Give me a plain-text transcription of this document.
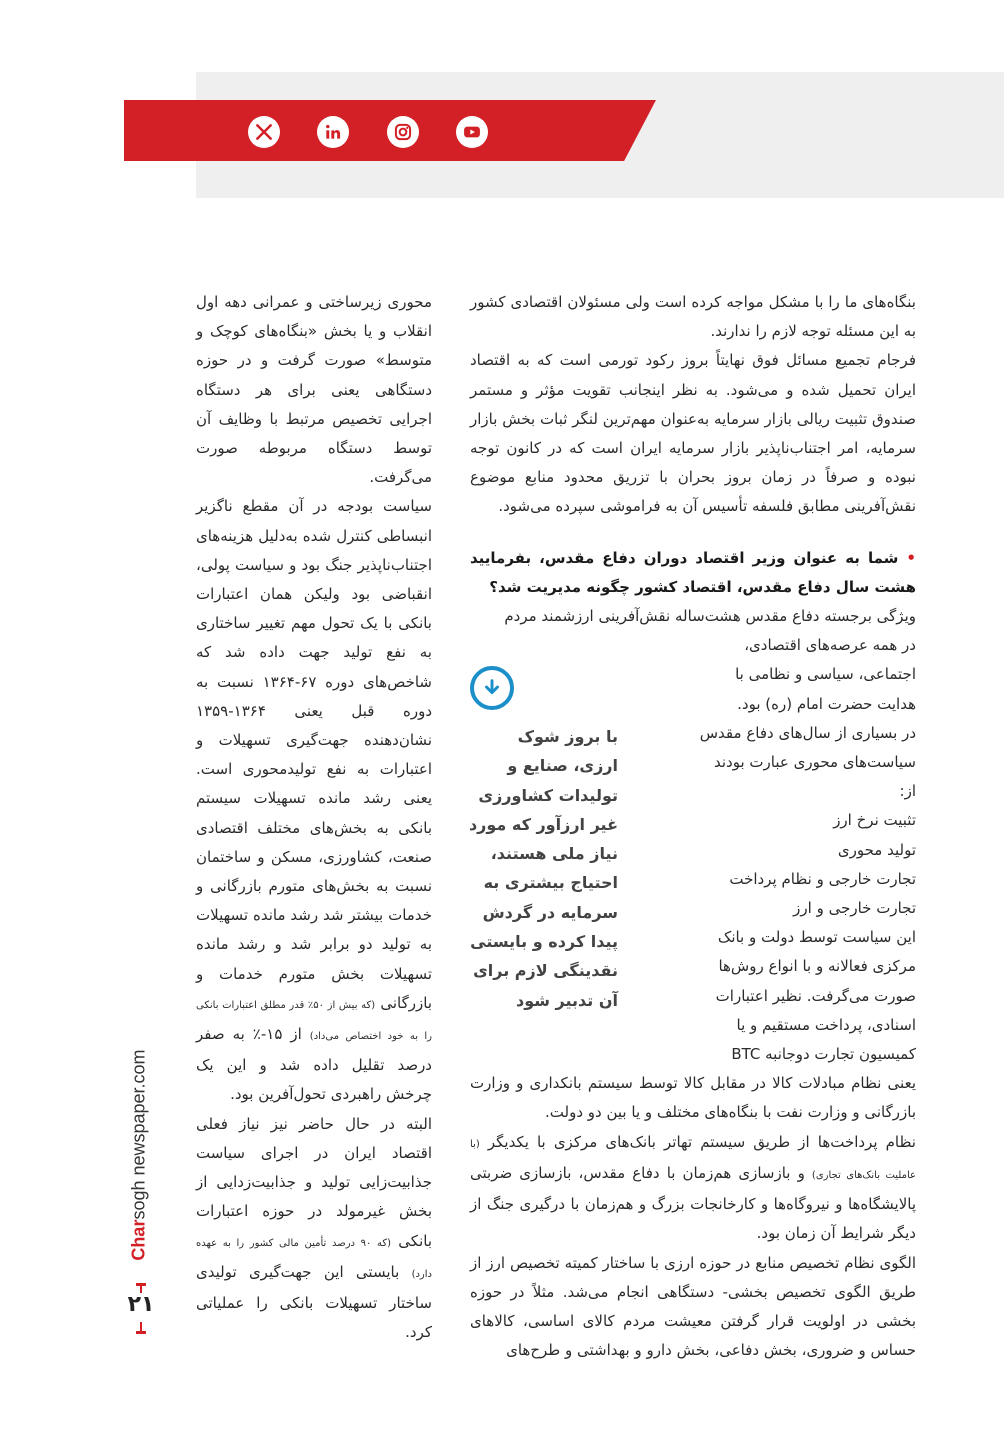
بنگاه‌های ما را با مشکل مواجه کرده است ولی مسئولان اقتصادی کشور به این مسئله توجه لازم را ندارند.

فرجام تجمیع مسائل فوق نهایتاً بروز رکود تورمی است که به اقتصاد ایران تحمیل شده و می‌شود. به نظر اینجانب تقویت مؤثر و مستمر صندوق تثبیت ریالی بازار سرمایه به‌عنوان مهم‌ترین لنگر ثبات بخش بازار سرمایه، امر اجتناب‌ناپذیر بازار سرمایه ایران است که در کانون توجه نبوده و صرفاً در زمان بروز بحران با تزریق محدود منابع موضوع نقش‌آفرینی مطابق فلسفه تأسیس آن به فراموشی سپرده می‌شود.

• شما به عنوان وزیر اقتصاد دوران دفاع مقدس، بفرمایید هشت سال دفاع مقدس، اقتصاد کشور چگونه مدیریت شد؟

ویژگی برجسته دفاع مقدس هشت‌ساله نقش‌آفرینی ارزشمند مردم

در همه عرصه‌های اقتصادی،
اجتماعی، سیاسی و نظامی با
هدایت حضرت امام (ره) بود.
در بسیاری از سال‌های دفاع مقدس
سیاست‌های محوری عبارت بودند
از:
تثبیت نرخ ارز
تولید محوری
تجارت خارجی و نظام پرداخت
تجارت خارجی و ارز
این سیاست توسط دولت و بانک
مرکزی فعالانه و با انواع روش‌ها
صورت می‌گرفت. نظیر اعتبارات
اسنادی، پرداخت مستقیم و یا
کمیسیون تجارت دوجانبه BTC

یعنی نظام مبادلات کالا در مقابل کالا توسط سیستم بانکداری و وزارت بازرگانی و وزارت نفت با بنگاه‌های مختلف و یا بین دو دولت.

نظام پرداخت‌ها از طریق سیستم تهاتر بانک‌های مرکزی با یکدیگر (با عاملیت بانک‌های تجاری) و بازسازی هم‌زمان با دفاع مقدس، بازسازی ضربتی پالایشگاه‌ها و نیروگاه‌ها و کارخانجات بزرگ و هم‌زمان با درگیری جنگ از دیگر شرایط آن زمان بود.

الگوی نظام تخصیص منابع در حوزه ارزی با ساختار کمیته تخصیص ارز از طریق الگوی تخصیص بخشی- دستگاهی انجام می‌شد. مثلاً در حوزه بخشی در اولویت قرار گرفتن معیشت مردم کالای اساسی، کالاهای حساس و ضروری، بخش دفاعی، بخش دارو و بهداشتی و طرح‌های

با بروز شوک ارزی، صنایع و تولیدات کشاورزی غیر ارزآور که مورد نیاز ملی هستند، احتیاج بیشتری به سرمایه در گردش پیدا کرده و بایستی نقدینگی لازم برای آن تدبیر شود

محوری زیرساختی و عمرانی دهه اول انقلاب و یا بخش «بنگاه‌های کوچک و متوسط» صورت گرفت و در حوزه دستگاهی یعنی برای هر دستگاه اجرایی تخصیص مرتبط با وظایف آن توسط دستگاه مربوطه صورت می‌گرفت.

سیاست بودجه در آن مقطع ناگزیر انبساطی کنترل شده به‌دلیل هزینه‌های اجتناب‌ناپذیر جنگ بود و سیاست پولی، انقباضی بود ولیکن همان اعتبارات بانکی با یک تحول مهم تغییر ساختاری به نفع تولید جهت داده شد که شاخص‌های دوره ۶۷-۱۳۶۴ نسبت به دوره قبل یعنی ۱۳۶۴-۱۳۵۹ نشان‌دهنده جهت‌گیری تسهیلات و اعتبارات به نفع تولیدمحوری است. یعنی رشد مانده تسهیلات سیستم بانکی به بخش‌های مختلف اقتصادی صنعت، کشاورزی، مسکن و ساختمان نسبت به بخش‌های متورم بازرگانی و خدمات بیشتر شد رشد مانده تسهیلات به تولید دو برابر شد و رشد مانده تسهیلات بخش متورم خدمات و بازرگانی (که بیش از ۵۰٪ قدر مطلق اعتبارات بانکی را به خود اختصاص می‌داد) از ۱۵-٪ به صفر درصد تقلیل داده شد و این یک چرخش راهبردی تحول‌آفرین بود.

البته در حال حاضر نیز نیاز فعلی اقتصاد ایران در اجرای سیاست جذابیت‌زایی تولید و جذابیت‌زدایی از بخش غیرمولد در حوزه اعتبارات بانکی (که ۹۰ درصد تأمین مالی کشور را به عهده دارد) بایستی این جهت‌گیری تولیدی ساختار تسهیلات بانکی را عملیاتی کرد.

Charsogh newspaper.com
۲۱
